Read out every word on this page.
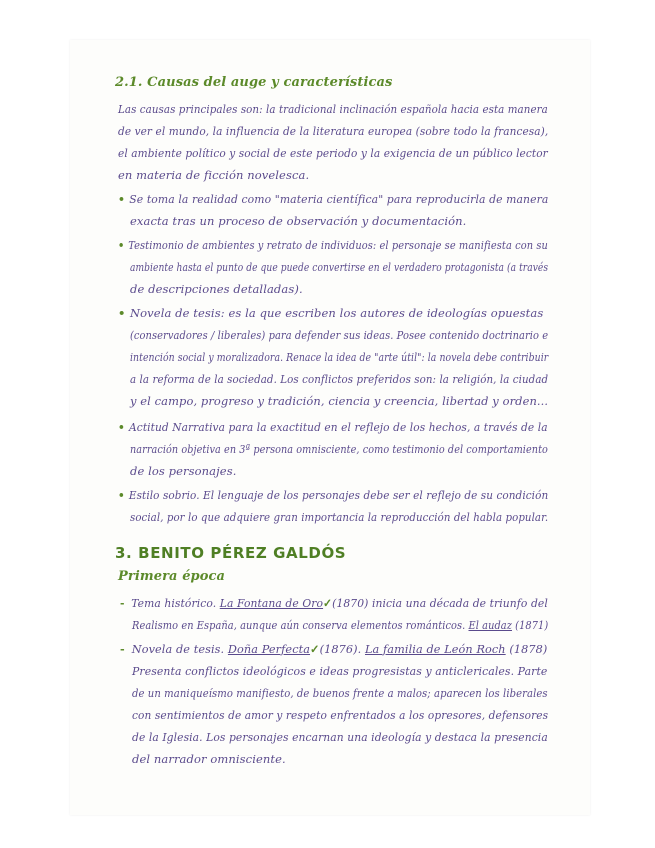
2.1. Causas del auge y características
Las causas principales son: la tradicional inclinación española hacia esta manera
de ver el mundo, la influencia de la literatura europea (sobre todo la francesa),
el ambiente político y social de este periodo y la exigencia de un público lector
en materia de ficción novelesca.
• Se toma la realidad como "materia científica" para reproducirla de manera
exacta tras un proceso de observación y documentación.
• Testimonio de ambientes y retrato de individuos: el personaje se manifiesta con su
ambiente hasta el punto de que puede convertirse en el verdadero protagonista (a través
de descripciones detalladas).
• Novela de tesis: es la que escriben los autores de ideologías opuestas
(conservadores / liberales) para defender sus ideas. Posee contenido doctrinario e
intención social y moralizadora. Renace la idea de "arte útil": la novela debe contribuir
a la reforma de la sociedad. Los conflictos preferidos son: la religión, la ciudad
y el campo, progreso y tradición, ciencia y creencia, libertad y orden...
• Actitud Narrativa para la exactitud en el reflejo de los hechos, a través de la
narración objetiva en 3ª persona omnisciente, como testimonio del comportamiento
de los personajes.
• Estilo sobrio. El lenguaje de los personajes debe ser el reflejo de su condición
social, por lo que adquiere gran importancia la reproducción del habla popular.
3. BENITO PÉREZ GALDÓS
Primera época
- Tema histórico. La Fontana de Oro✓(1870) inicia una década de triunfo del
Realismo en España, aunque aún conserva elementos románticos. El audaz (1871)
- Novela de tesis. Doña Perfecta✓(1876). La familia de León Roch (1878)
Presenta conflictos ideológicos e ideas progresistas y anticlericales. Parte
de un maniqueísmo manifiesto, de buenos frente a malos; aparecen los liberales
con sentimientos de amor y respeto enfrentados a los opresores, defensores
de la Iglesia. Los personajes encarnan una ideología y destaca la presencia
del narrador omnisciente.
